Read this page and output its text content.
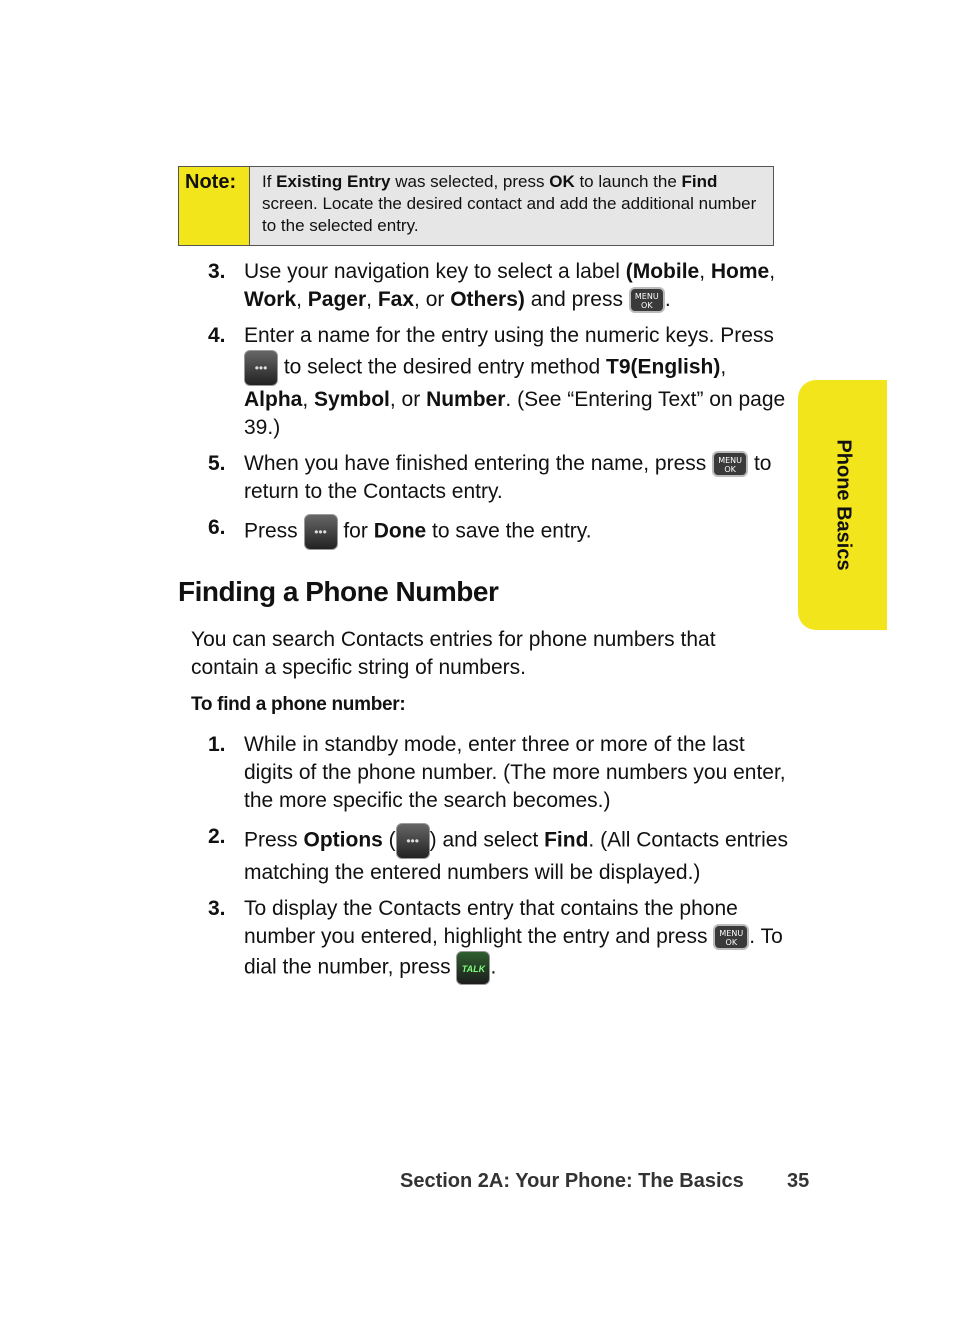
Note:	If Existing Entry was selected, press OK to launch the Find screen. Locate the desired contact and add the additional number to the selected entry.
3. Use your navigation key to select a label (Mobile, Home, Work, Pager, Fax, or Others) and press MENU
OK .
4. Enter a name for the entry using the numeric keys. Press ••• to select the desired entry method T9(English), Alpha, Symbol, or Number. (See “Entering Text” on page 39.)
5. When you have finished entering the name, press MENU
OK to return to the Contacts entry.
6. Press ••• for Done to save the entry.
Finding a Phone Number

You can search Contacts entries for phone numbers that contain a specific string of numbers.

To find a phone number:

1. While in standby mode, enter three or more of the last digits of the phone number. (The more numbers you enter, the more specific the search becomes.)
2. Press Options ( ••• ) and select Find. (All Contacts entries matching the entered numbers will be displayed.)
3. To display the Contacts entry that contains the phone number you entered, highlight the entry and press MENU
OK . To dial the number, press TALK .
Phone Basics
Section 2A: Your Phone: The Basics 35
